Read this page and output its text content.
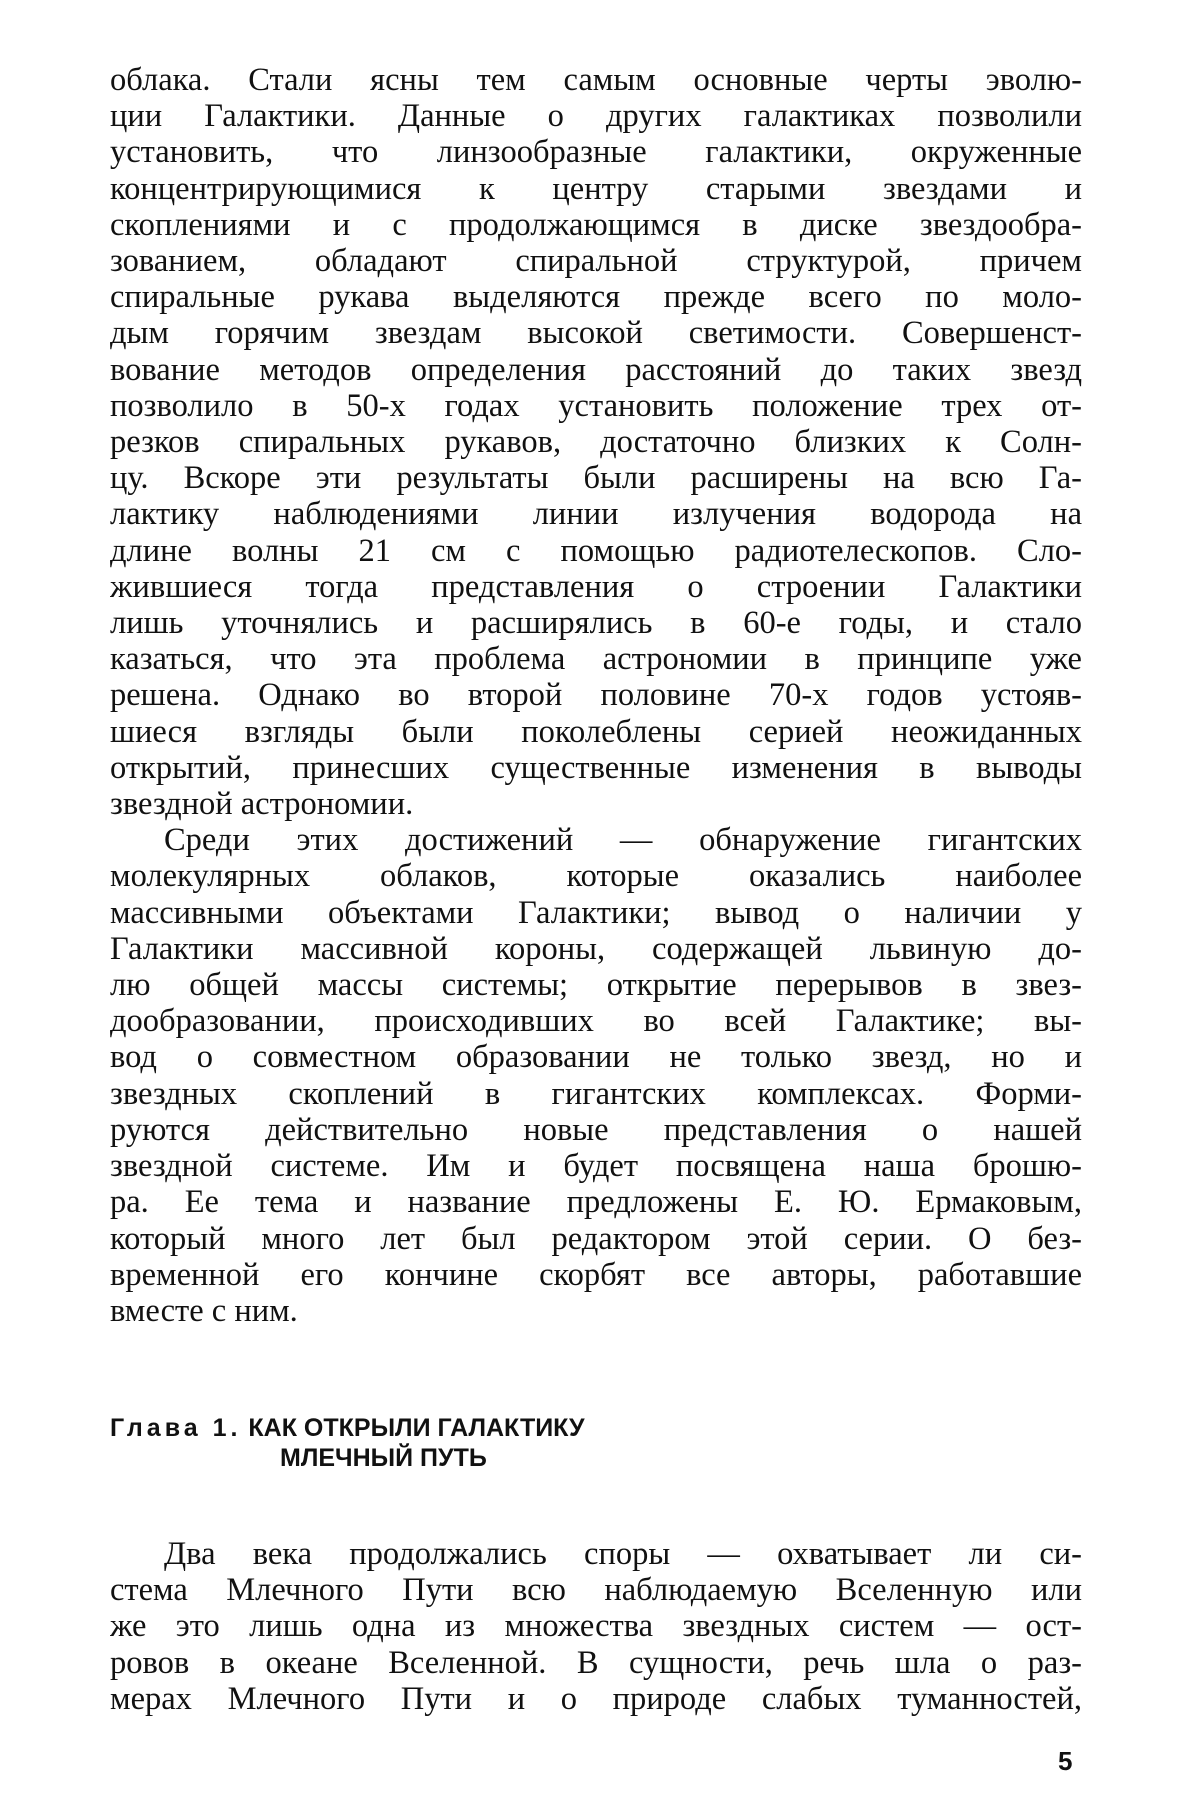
облака. Стали ясны тем самым основные черты эволю-
ции Галактики. Данные о других галактиках позволили
установить, что линзообразные галактики, окруженные
концентрирующимися к центру старыми звездами и
скоплениями и с продолжающимся в диске звездообра-
зованием, обладают спиральной структурой, причем
спиральные рукава выделяются прежде всего по моло-
дым горячим звездам высокой светимости. Совершенст-
вование методов определения расстояний до таких звезд
позволило в 50-х годах установить положение трех от-
резков спиральных рукавов, достаточно близких к Солн-
цу. Вскоре эти результаты были расширены на всю Га-
лактику наблюдениями линии излучения водорода на
длине волны 21 см с помощью радиотелескопов. Сло-
жившиеся тогда представления о строении Галактики
лишь уточнялись и расширялись в 60-е годы, и стало
казаться, что эта проблема астрономии в принципе уже
решена. Однако во второй половине 70-х годов устояв-
шиеся взгляды были поколеблены серией неожиданных
открытий, принесших существенные изменения в выводы
звездной астрономии.

Среди этих достижений — обнаружение гигантских
молекулярных облаков, которые оказались наиболее
массивными объектами Галактики; вывод о наличии у
Галактики массивной короны, содержащей львиную до-
лю общей массы системы; открытие перерывов в звез-
дообразовании, происходивших во всей Галактике; вы-
вод о совместном образовании не только звезд, но и
звездных скоплений в гигантских комплексах. Форми-
руются действительно новые представления о нашей
звездной системе. Им и будет посвящена наша брошю-
ра. Ее тема и название предложены Е. Ю. Ермаковым,
который много лет был редактором этой серии. О без-
временной его кончине скорбят все авторы, работавшие
вместе с ним.

Глава 1. КАК ОТКРЫЛИ ГАЛАКТИКУ
МЛЕЧНЫЙ ПУТЬ

Два века продолжались споры — охватывает ли си-
стема Млечного Пути всю наблюдаемую Вселенную или
же это лишь одна из множества звездных систем — ост-
ровов в океане Вселенной. В сущности, речь шла о раз-
мерах Млечного Пути и о природе слабых туманностей,

5
